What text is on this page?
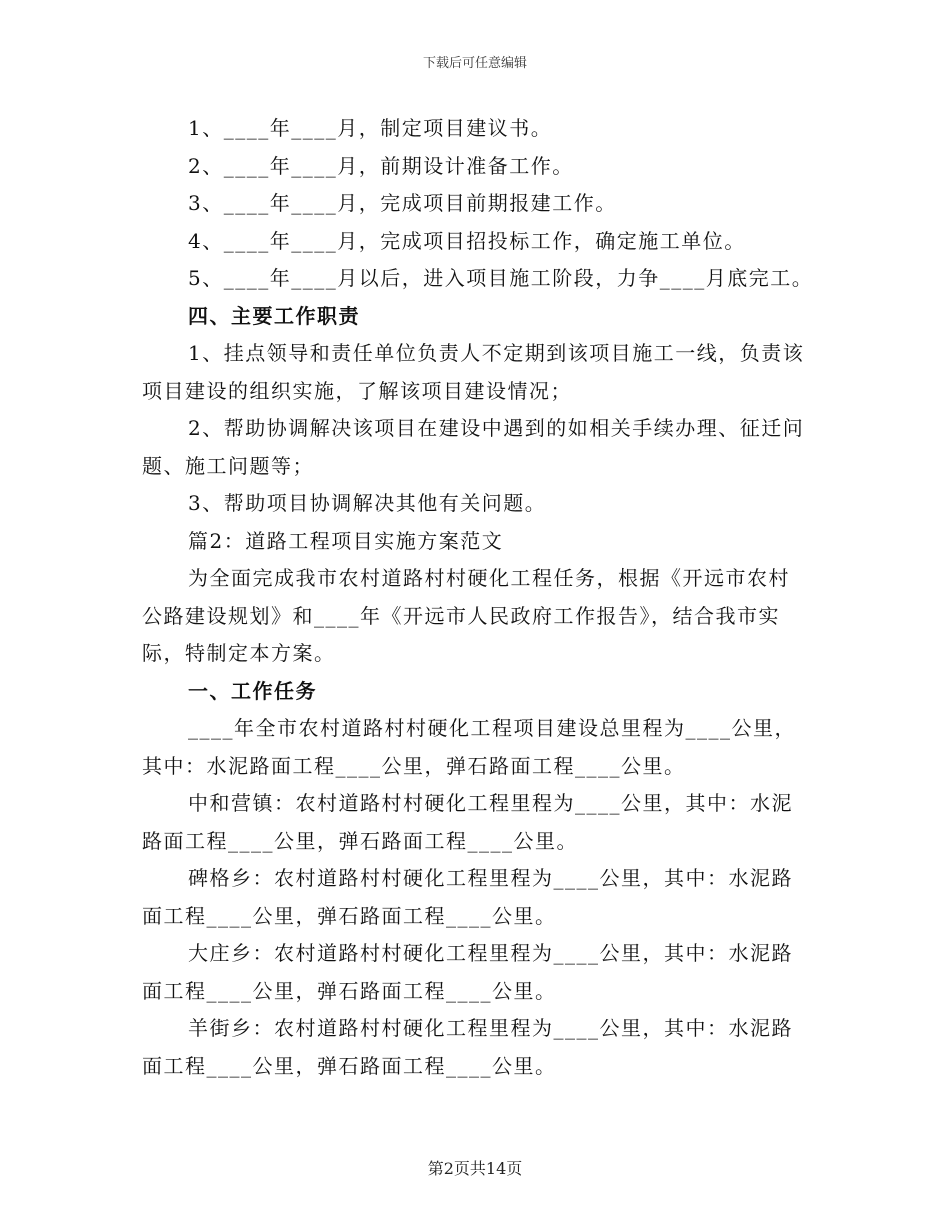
下载后可任意编辑
1、____年____月，制定项目建议书。
2、____年____月，前期设计准备工作。
3、____年____月，完成项目前期报建工作。
4、____年____月，完成项目招投标工作，确定施工单位。
5、____年____月以后，进入项目施工阶段，力争____月底完工。
四、主要工作职责
1、挂点领导和责任单位负责人不定期到该项目施工一线，负责该
项目建设的组织实施，了解该项目建设情况；
2、帮助协调解决该项目在建设中遇到的如相关手续办理、征迁问
题、施工问题等；
3、帮助项目协调解决其他有关问题。
篇2：道路工程项目实施方案范文
为全面完成我市农村道路村村硬化工程任务，根据《开远市农村
公路建设规划》和____年《开远市人民政府工作报告》，结合我市实
际，特制定本方案。
一、工作任务
____年全市农村道路村村硬化工程项目建设总里程为____公里，
其中：水泥路面工程____公里，弹石路面工程____公里。
中和营镇：农村道路村村硬化工程里程为____公里，其中：水泥
路面工程____公里，弹石路面工程____公里。
碑格乡：农村道路村村硬化工程里程为____公里，其中：水泥路
面工程____公里，弹石路面工程____公里。
大庄乡：农村道路村村硬化工程里程为____公里，其中：水泥路
面工程____公里，弹石路面工程____公里。
羊街乡：农村道路村村硬化工程里程为____公里，其中：水泥路
面工程____公里，弹石路面工程____公里。
第2页共14页
